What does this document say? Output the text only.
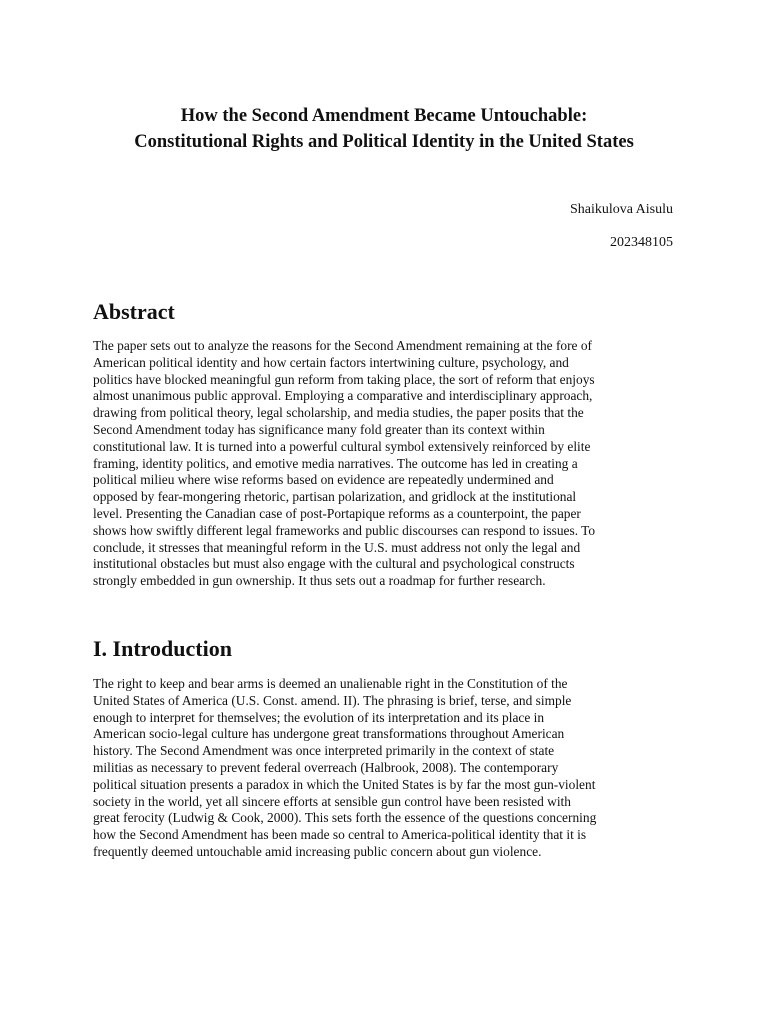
How the Second Amendment Became Untouchable:
Constitutional Rights and Political Identity in the United States
Shaikulova Aisulu
202348105
Abstract
The paper sets out to analyze the reasons for the Second Amendment remaining at the fore of
American political identity and how certain factors intertwining culture, psychology, and
politics have blocked meaningful gun reform from taking place, the sort of reform that enjoys
almost unanimous public approval. Employing a comparative and interdisciplinary approach,
drawing from political theory, legal scholarship, and media studies, the paper posits that the
Second Amendment today has significance many fold greater than its context within
constitutional law. It is turned into a powerful cultural symbol extensively reinforced by elite
framing, identity politics, and emotive media narratives. The outcome has led in creating a
political milieu where wise reforms based on evidence are repeatedly undermined and
opposed by fear-mongering rhetoric, partisan polarization, and gridlock at the institutional
level. Presenting the Canadian case of post-Portapique reforms as a counterpoint, the paper
shows how swiftly different legal frameworks and public discourses can respond to issues. To
conclude, it stresses that meaningful reform in the U.S. must address not only the legal and
institutional obstacles but must also engage with the cultural and psychological constructs
strongly embedded in gun ownership. It thus sets out a roadmap for further research.
I. Introduction
The right to keep and bear arms is deemed an unalienable right in the Constitution of the
United States of America (U.S. Const. amend. II). The phrasing is brief, terse, and simple
enough to interpret for themselves; the evolution of its interpretation and its place in
American socio-legal culture has undergone great transformations throughout American
history. The Second Amendment was once interpreted primarily in the context of state
militias as necessary to prevent federal overreach (Halbrook, 2008). The contemporary
political situation presents a paradox in which the United States is by far the most gun-violent
society in the world, yet all sincere efforts at sensible gun control have been resisted with
great ferocity (Ludwig & Cook, 2000). This sets forth the essence of the questions concerning
how the Second Amendment has been made so central to America-political identity that it is
frequently deemed untouchable amid increasing public concern about gun violence.
